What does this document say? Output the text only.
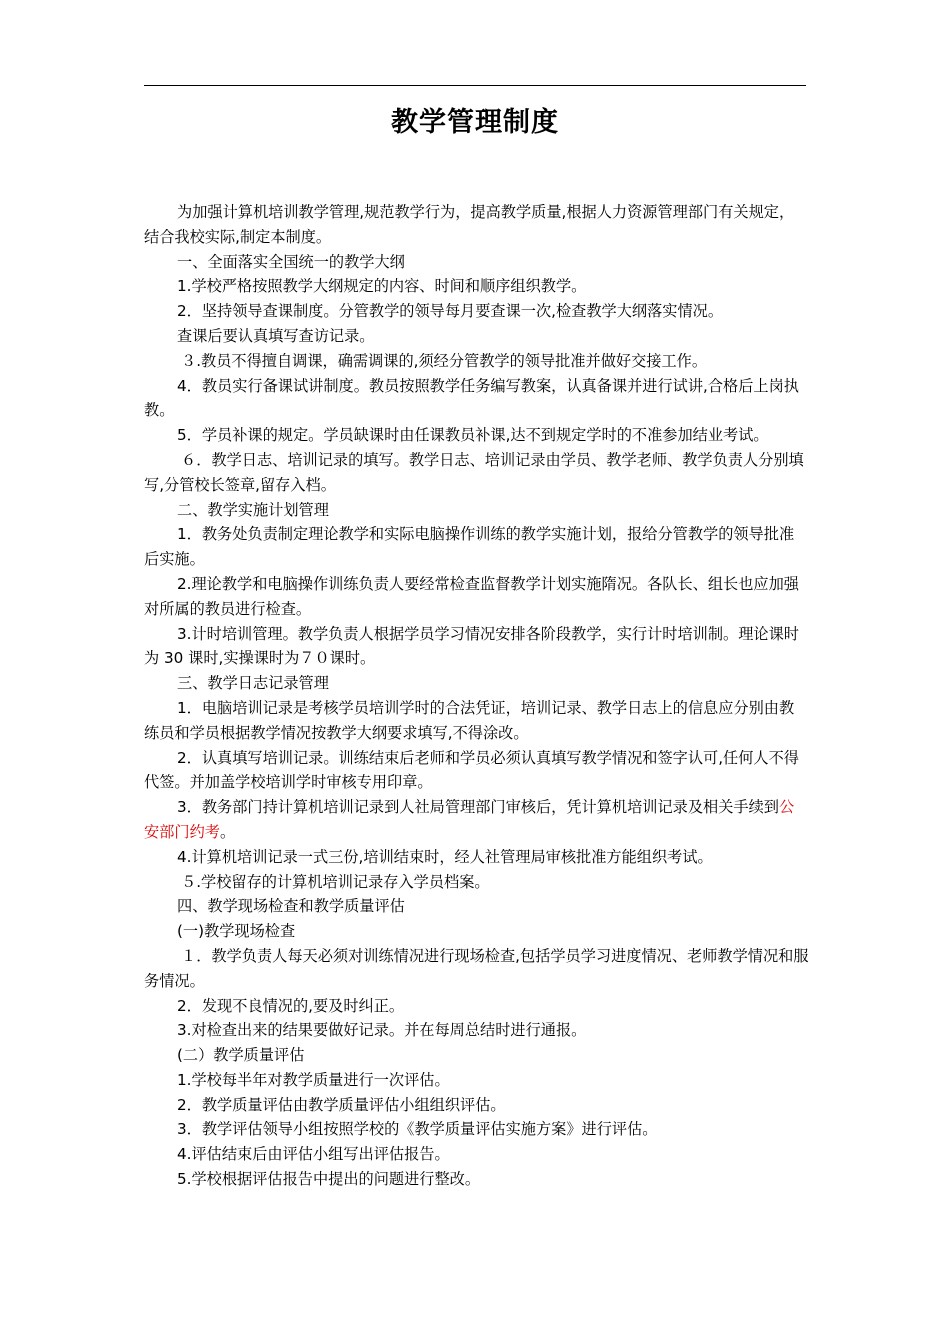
教学管理制度

为加强计算机培训教学管理,规范教学行为，提高教学质量,根据人力资源管理部门有关规定，结合我校实际,制定本制度。

一、全面落实全国统一的教学大纲

1.学校严格按照教学大纲规定的内容、时间和顺序组织教学。

2．坚持领导查课制度。分管教学的领导每月要查课一次,检查教学大纲落实情况。

查课后要认真填写查访记录。

３.教员不得擅自调课，确需调课的,须经分管教学的领导批准并做好交接工作。

4．教员实行备课试讲制度。教员按照教学任务编写教案，认真备课并进行试讲,合格后上岗执教。

5．学员补课的规定。学员缺课时由任课教员补课,达不到规定学时的不准参加结业考试。

６．教学日志、培训记录的填写。教学日志、培训记录由学员、教学老师、教学负责人分别填写,分管校长签章,留存入档。

二、教学实施计划管理

1．教务处负责制定理论教学和实际电脑操作训练的教学实施计划，报给分管教学的领导批准后实施。

2.理论教学和电脑操作训练负责人要经常检查监督教学计划实施隋况。各队长、组长也应加强对所属的教员进行检查。

3.计时培训管理。教学负责人根据学员学习情况安排各阶段教学，实行计时培训制。理论课时为 30 课时,实操课时为７０课时。

三、教学日志记录管理

1．电脑培训记录是考核学员培训学时的合法凭证，培训记录、教学日志上的信息应分别由教练员和学员根据教学情况按教学大纲要求填写,不得涂改。

2．认真填写培训记录。训练结束后老师和学员必须认真填写教学情况和签字认可,任何人不得代签。并加盖学校培训学时审核专用印章。

3．教务部门持计算机培训记录到人社局管理部门审核后，凭计算机培训记录及相关手续到公安部门约考。

4.计算机培训记录一式三份,培训结束时，经人社管理局审核批准方能组织考试。

５.学校留存的计算机培训记录存入学员档案。

四、教学现场检查和教学质量评估

(一)教学现场检查

１．教学负责人每天必须对训练情况进行现场检查,包括学员学习进度情况、老师教学情况和服务情况。

2．发现不良情况的,要及时纠正。

3.对检查出来的结果要做好记录。并在每周总结时进行通报。

(二）教学质量评估

1.学校每半年对教学质量进行一次评估。

2．教学质量评估由教学质量评估小组组织评估。

3．教学评估领导小组按照学校的《教学质量评估实施方案》进行评估。

4.评估结束后由评估小组写出评估报告。

5.学校根据评估报告中提出的问题进行整改。
